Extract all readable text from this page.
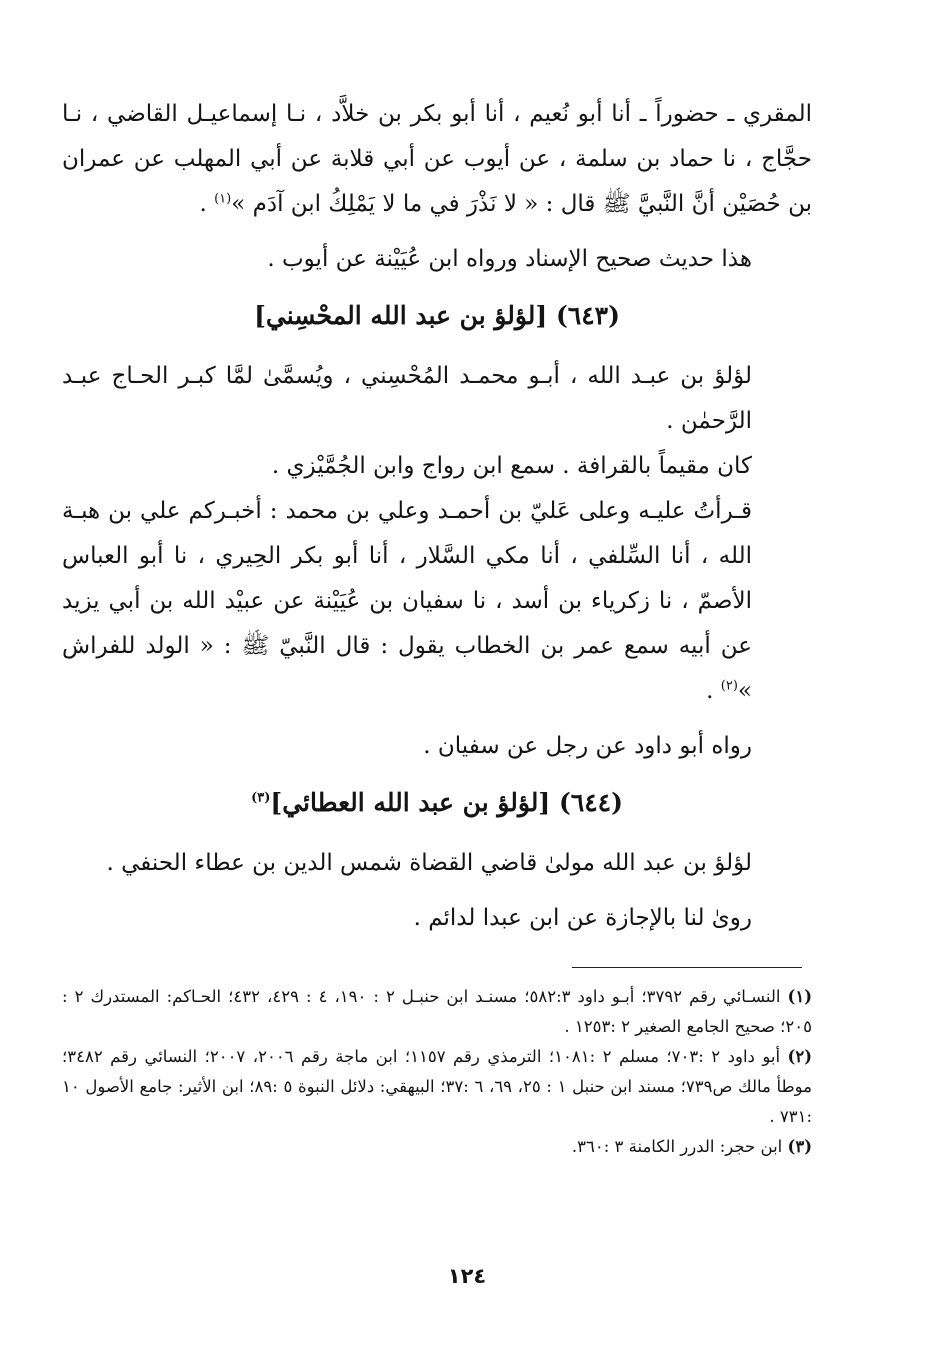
المقري ـ حضوراً ـ أنا أبو نُعيم ، أنا أبو بكر بن خلاَّد ، نـا إسماعيـل القاضي ، نـا حجَّاج ، نا حماد بن سلمة ، عن أيوب عن أبي قلابة عن أبي المهلب عن عمران بن حُصَيْن أنَّ النَّبيَّ ﷺ قال : « لا نَذْرَ في ما لا يَمْلِكُ ابن آدَم »$^{(١)}$ .

هذا حديث صحيح الإسناد ورواه ابن عُيَيْنة عن أيوب .

(٦٤٣) [لؤلؤ بن عبد الله المحْسِني]

لؤلؤ بن عبـد الله ، أبـو محمـد المُحْسِني ، ويُسمَّىٰ لمَّا كبـر الحـاج عبـد الرَّحمٰن .

كان مقيماً بالقرافة . سمع ابن رواج وابن الجُمَّيْزي .

قـرأتُ عليـه وعلى عَليّ بن أحمـد وعلي بن محمد : أخبـركم علي بن هبـة الله ، أنا السِّلفي ، أنا مكي السَّلار ، أنا أبو بكر الحِيري ، نا أبو العباس الأصمّ ، نا زكرياء بن أسد ، نا سفيان بن عُيَيْنة عن عبيْد الله بن أبي يزيد عن أبيه سمع عمر بن الخطاب يقول : قال النَّبيّ ﷺ : « الولد للفراش »$^{(٢)}$ .

رواه أبو داود عن رجل عن سفيان .

(٦٤٤) [لؤلؤ بن عبد الله العطائي]$^{(٣)}$

لؤلؤ بن عبد الله مولىٰ قاضي القضاة شمس الدين بن عطاء الحنفي .

روىٰ لنا بالإجازة عن ابن عبدا لدائم .

(١) النسـائي رقم ٣٧٩٢؛ أبـو داود ٥٨٢:٣؛ مسنـد ابن حنبـل ٢ : ١٩٠، ٤ : ٤٢٩، ٤٣٢؛ الحـاكم: المستدرك ٢ : ٢٠٥؛ صحيح الجامع الصغير ٢ :١٢٥٣ .

(٢) أبو داود ٢ :٧٠٣؛ مسلم ٢ :١٠٨١؛ الترمذي رقم ١١٥٧؛ ابن ماجة رقم ٢٠٠٦، ٢٠٠٧؛ النسائي رقم ٣٤٨٢؛ موطأ مالك ص٧٣٩؛ مسند ابن حنبل ١ : ٢٥، ٦٩، ٦ :٣٧؛ البيهقي: دلائل النبوة ٥ :٨٩؛ ابن الأثير: جامع الأصول ١٠ :٧٣١ .

(٣) ابن حجر: الدرر الكامنة ٣ :٣٦٠.

١٢٤
